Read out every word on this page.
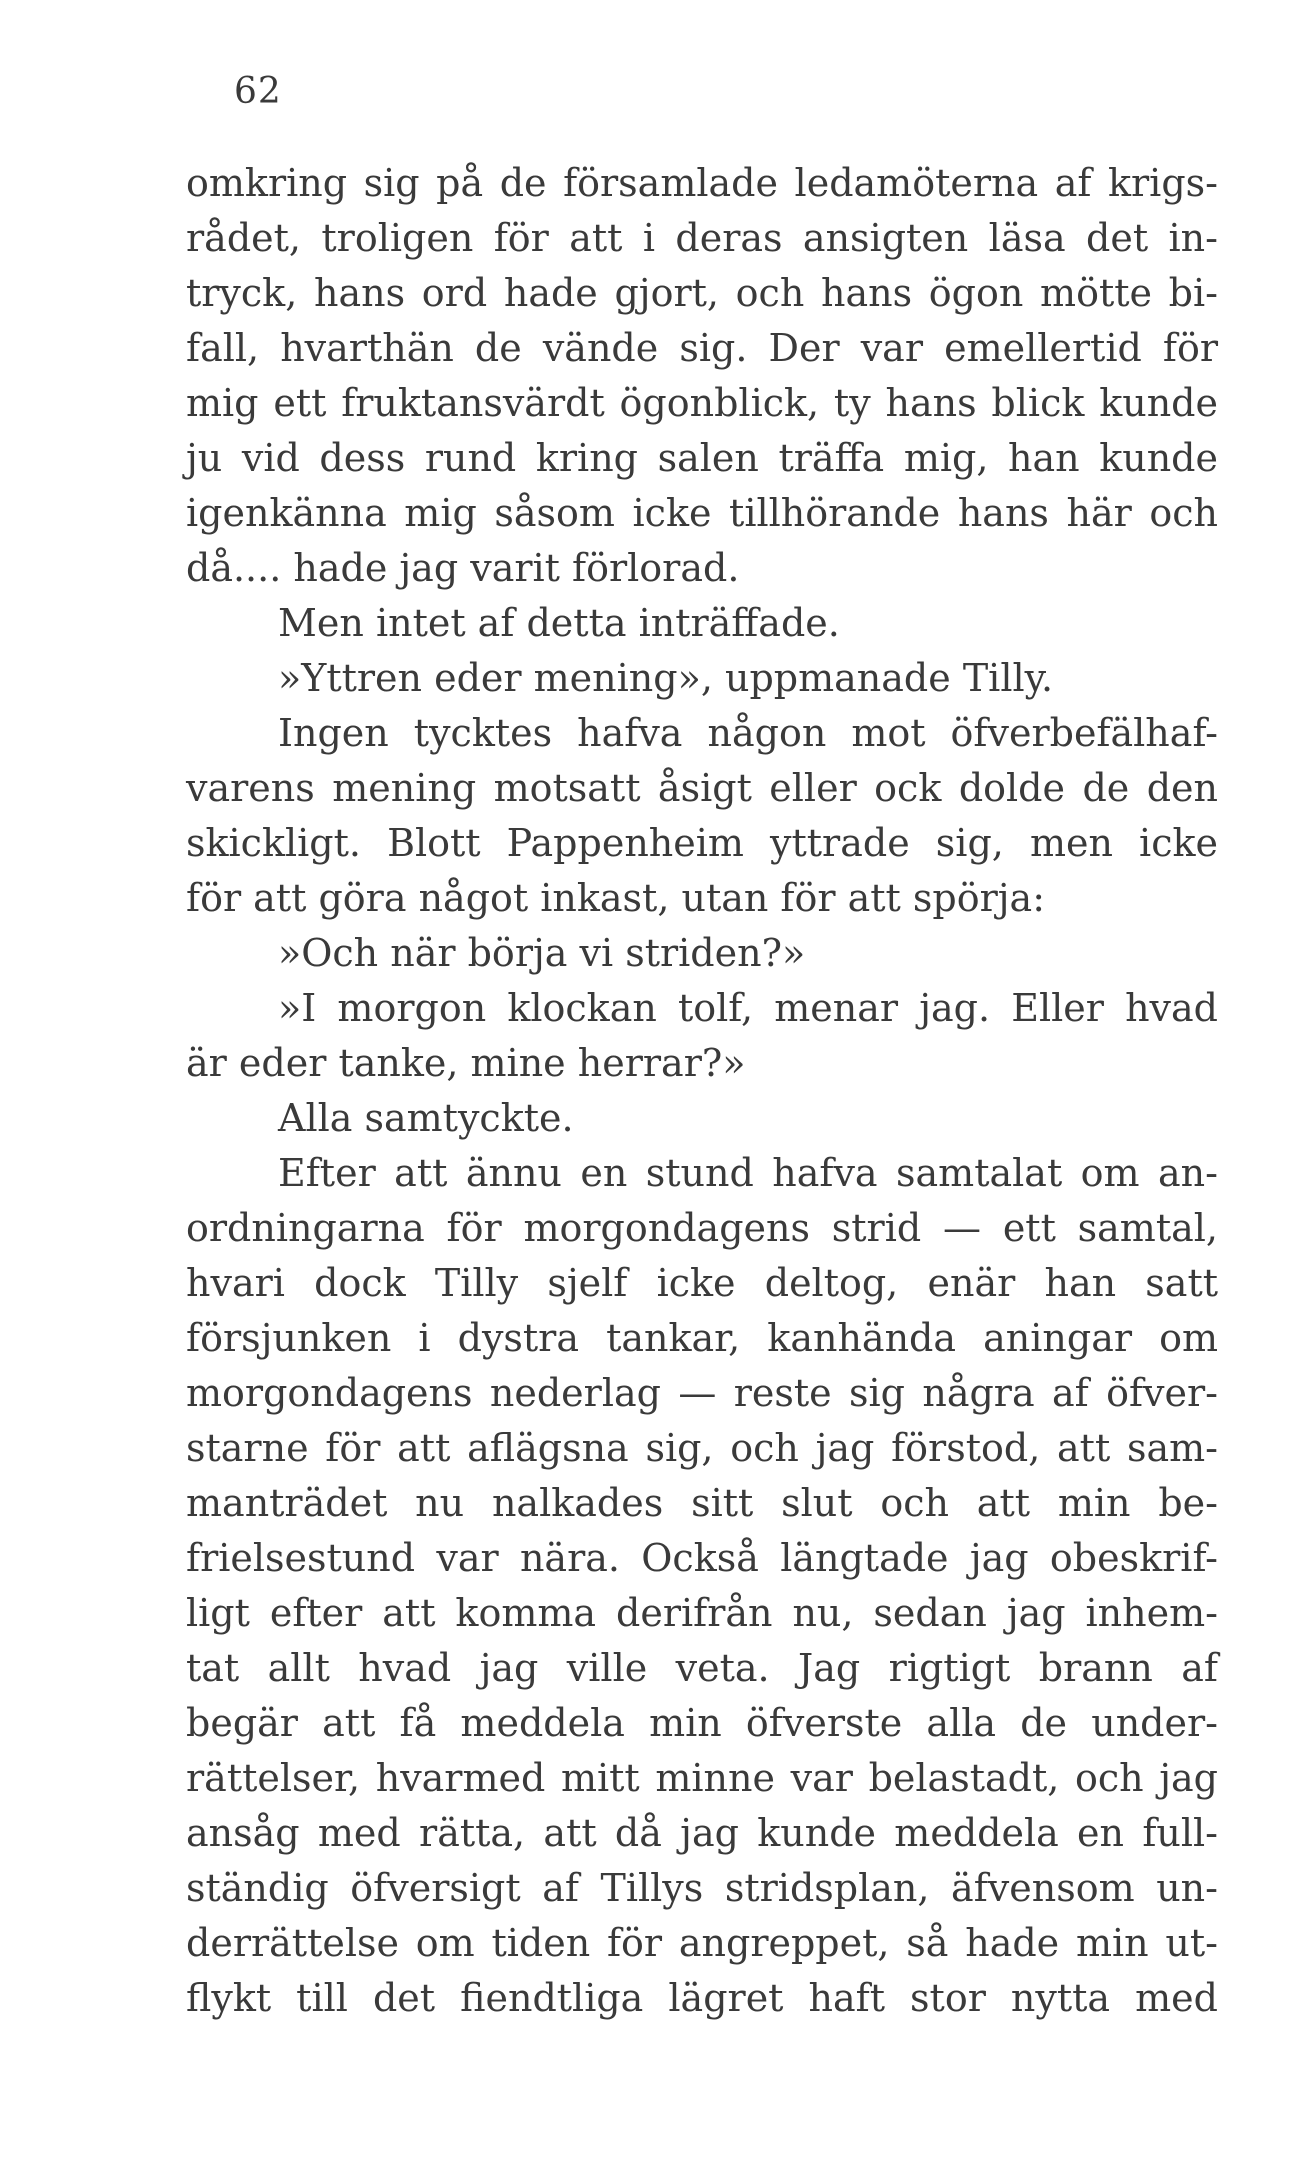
62
omkring sig på de församlade ledamöterna af krigs-
rådet, troligen för att i deras ansigten läsa det in-
tryck, hans ord hade gjort, och hans ögon mötte bi-
fall, hvarthän de vände sig. Der var emellertid för
mig ett fruktansvärdt ögonblick, ty hans blick kunde
ju vid dess rund kring salen träffa mig, han kunde
igenkänna mig såsom icke tillhörande hans här och
då.... hade jag varit förlorad.
Men intet af detta inträffade.
»Yttren eder mening», uppmanade Tilly.
Ingen tycktes hafva någon mot öfverbefälhaf-
varens mening motsatt åsigt eller ock dolde de den
skickligt. Blott Pappenheim yttrade sig, men icke
för att göra något inkast, utan för att spörja:
»Och när börja vi striden?»
»I morgon klockan tolf, menar jag. Eller hvad
är eder tanke, mine herrar?»
Alla samtyckte.
Efter att ännu en stund hafva samtalat om an-
ordningarna för morgondagens strid — ett samtal,
hvari dock Tilly sjelf icke deltog, enär han satt
försjunken i dystra tankar, kanhända aningar om
morgondagens nederlag — reste sig några af öfver-
starne för att aflägsna sig, och jag förstod, att sam-
manträdet nu nalkades sitt slut och att min be-
frielsestund var nära. Också längtade jag obeskrif-
ligt efter att komma derifrån nu, sedan jag inhem-
tat allt hvad jag ville veta. Jag rigtigt brann af
begär att få meddela min öfverste alla de under-
rättelser, hvarmed mitt minne var belastadt, och jag
ansåg med rätta, att då jag kunde meddela en full-
ständig öfversigt af Tillys stridsplan, äfvensom un-
derrättelse om tiden för angreppet, så hade min ut-
flykt till det fiendtliga lägret haft stor nytta med
